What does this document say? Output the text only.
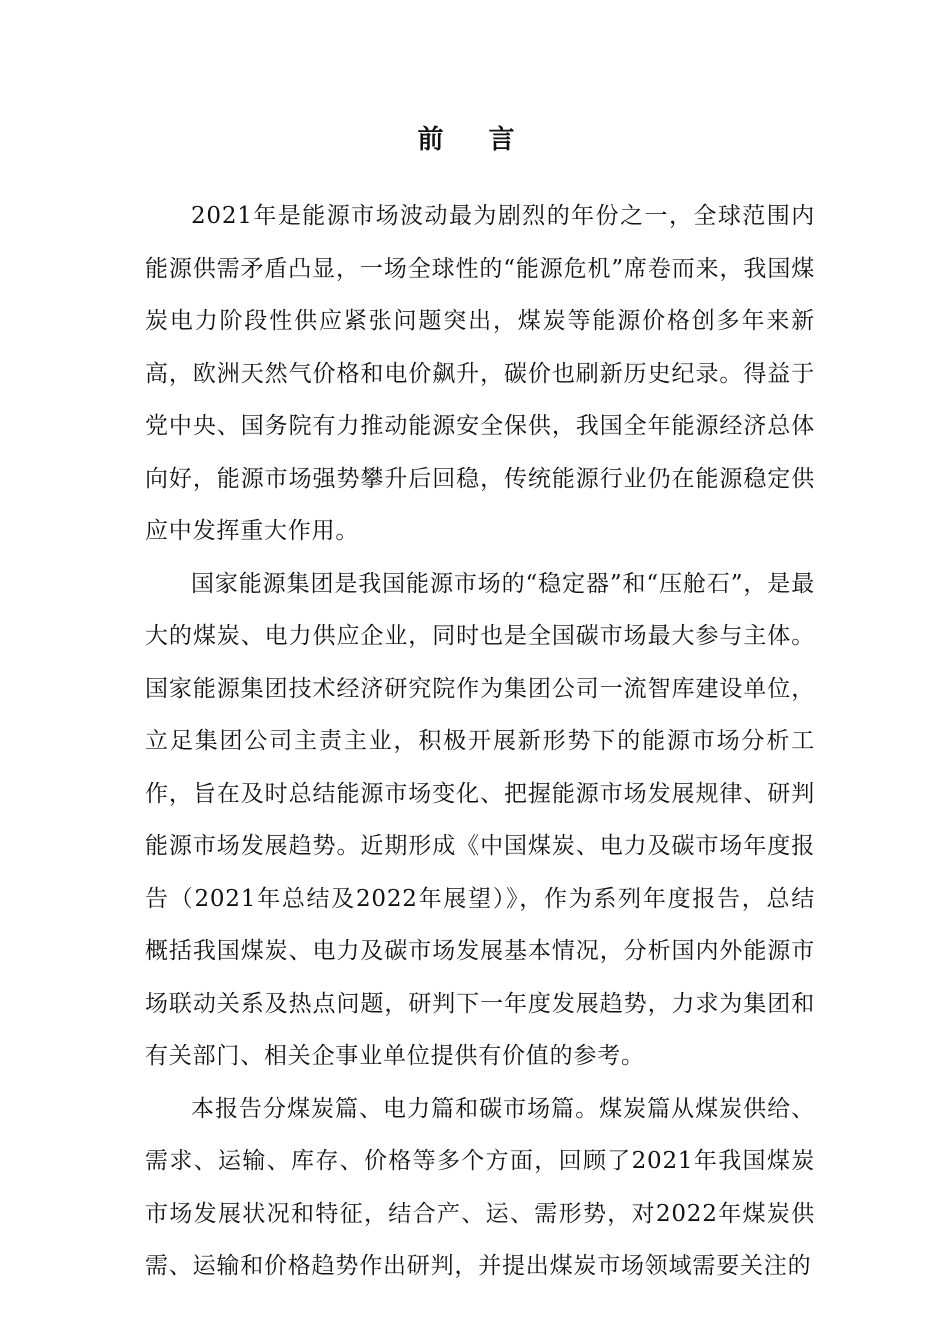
前 言

2021年是能源市场波动最为剧烈的年份之一，全球范围内能源供需矛盾凸显，一场全球性的“能源危机”席卷而来，我国煤炭电力阶段性供应紧张问题突出，煤炭等能源价格创多年来新高，欧洲天然气价格和电价飙升，碳价也刷新历史纪录。得益于党中央、国务院有力推动能源安全保供，我国全年能源经济总体向好，能源市场强势攀升后回稳，传统能源行业仍在能源稳定供应中发挥重大作用。

国家能源集团是我国能源市场的“稳定器”和“压舱石”，是最大的煤炭、电力供应企业，同时也是全国碳市场最大参与主体。国家能源集团技术经济研究院作为集团公司一流智库建设单位，立足集团公司主责主业，积极开展新形势下的能源市场分析工作，旨在及时总结能源市场变化、把握能源市场发展规律、研判能源市场发展趋势。近期形成《中国煤炭、电力及碳市场年度报告（2021年总结及2022年展望）》，作为系列年度报告，总结概括我国煤炭、电力及碳市场发展基本情况，分析国内外能源市场联动关系及热点问题，研判下一年度发展趋势，力求为集团和有关部门、相关企事业单位提供有价值的参考。

本报告分煤炭篇、电力篇和碳市场篇。煤炭篇从煤炭供给、需求、运输、库存、价格等多个方面，回顾了2021年我国煤炭市场发展状况和特征，结合产、运、需形势，对2022年煤炭供需、运输和价格趋势作出研判，并提出煤炭市场领域需要关注的
